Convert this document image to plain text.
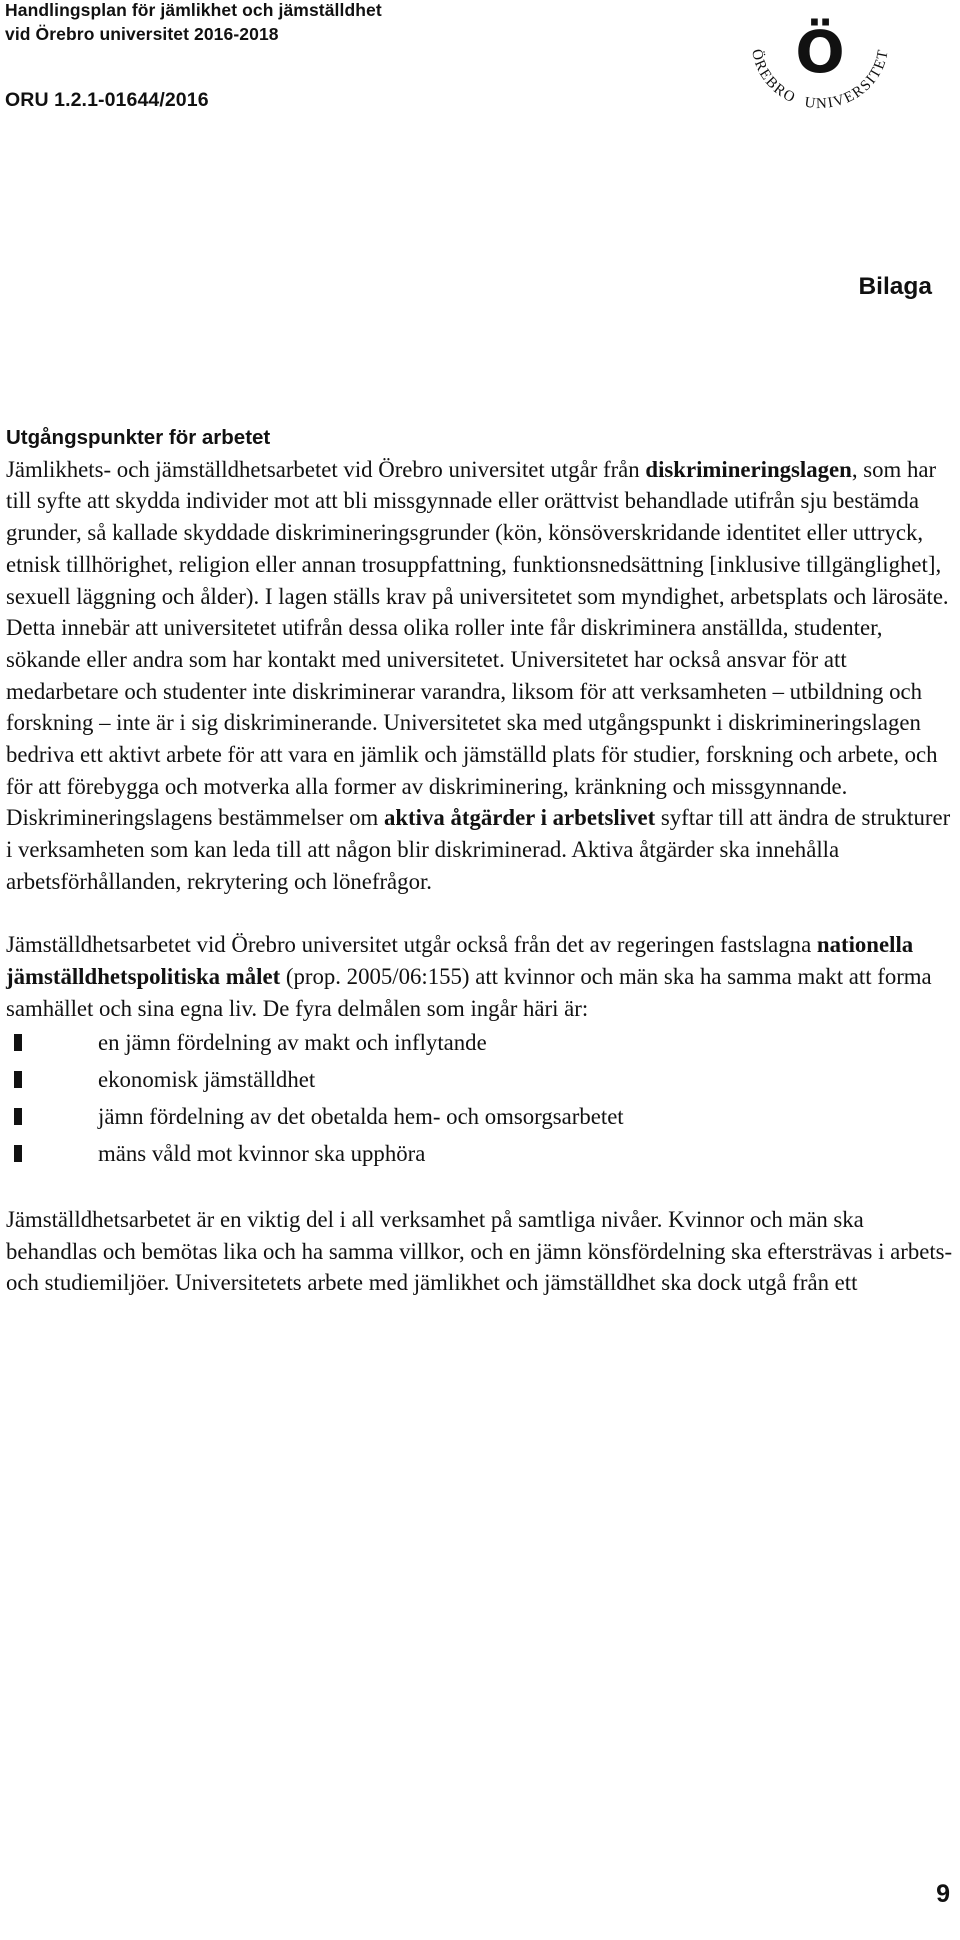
Handlingsplan för jämlikhet och jämställdhet
vid Örebro universitet 2016-2018
ORU 1.2.1-01644/2016
Ö
ÖREBRO UNIVERSITET
Bilaga
Utgångspunkter för arbetet

Jämlikhets- och jämställdhetsarbetet vid Örebro universitet utgår från diskrimineringslagen, som har till syfte att skydda individer mot att bli missgynnade eller orättvist behandlade utifrån sju bestämda grunder, så kallade skyddade diskrimineringsgrunder (kön, könsöverskridande identitet eller uttryck, etnisk tillhörighet, religion eller annan trosuppfattning, funktionsnedsättning [inklusive tillgänglighet], sexuell läggning och ålder). I lagen ställs krav på universitetet som myndighet, arbetsplats och lärosäte. Detta innebär att universitetet utifrån dessa olika roller inte får diskriminera anställda, studenter, sökande eller andra som har kontakt med universitetet. Universitetet har också ansvar för att medarbetare och studenter inte diskriminerar varandra, liksom för att verksamheten – utbildning och forskning – inte är i sig diskriminerande. Universitetet ska med utgångspunkt i diskrimineringslagen bedriva ett aktivt arbete för att vara en jämlik och jämställd plats för studier, forskning och arbete, och för att förebygga och motverka alla former av diskriminering, kränkning och missgynnande. Diskrimineringslagens bestämmelser om aktiva åtgärder i arbetslivet syftar till att ändra de strukturer i verksamheten som kan leda till att någon blir diskriminerad. Aktiva åtgärder ska innehålla arbetsförhållanden, rekrytering och lönefrågor.

Jämställdhetsarbetet vid Örebro universitet utgår också från det av regeringen fastslagna nationella jämställdhetspolitiska målet (prop. 2005/06:155) att kvinnor och män ska ha samma makt att forma samhället och sina egna liv. De fyra delmålen som ingår häri är:

en jämn fördelning av makt och inflytande
ekonomisk jämställdhet
jämn fördelning av det obetalda hem- och omsorgsarbetet
mäns våld mot kvinnor ska upphöra

Jämställdhetsarbetet är en viktig del i all verksamhet på samtliga nivåer. Kvinnor och män ska behandlas och bemötas lika och ha samma villkor, och en jämn könsfördelning ska eftersträvas i arbets- och studiemiljöer. Universitetets arbete med jämlikhet och jämställdhet ska dock utgå från ett

9
